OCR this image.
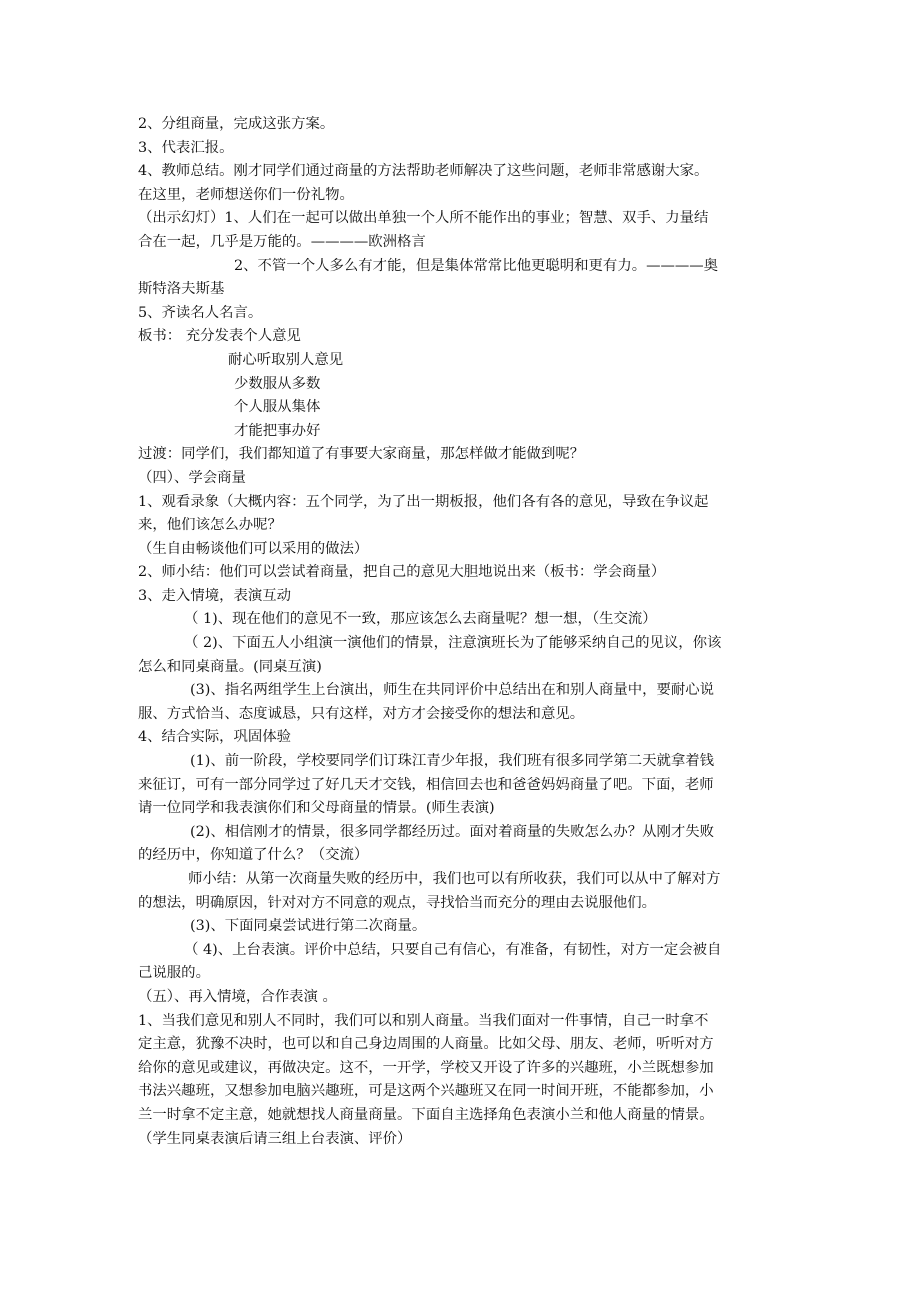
2、分组商量，完成这张方案。
3、代表汇报。
4、教师总结。刚才同学们通过商量的方法帮助老师解决了这些问题，老师非常感谢大家。
在这里，老师想送你们一份礼物。
（出示幻灯）1、人们在一起可以做出单独一个人所不能作出的事业；智慧、双手、力量结
合在一起，几乎是万能的。————欧洲格言
2、不管一个人多么有才能，但是集体常常比他更聪明和更有力。————奥
斯特洛夫斯基
5、齐读名人名言。
板书： 充分发表个人意见
耐心听取别人意见
少数服从多数
个人服从集体
才能把事办好
过渡：同学们，我们都知道了有事要大家商量，那怎样做才能做到呢？
（四）、学会商量
1、观看录象（大概内容：五个同学，为了出一期板报，他们各有各的意见，导致在争议起
来，他们该怎么办呢？
（生自由畅谈他们可以采用的做法）
2、师小结：他们可以尝试着商量，把自己的意见大胆地说出来（板书：学会商量）
3、走入情境，表演互动
（ 1)、现在他们的意见不一致，那应该怎么去商量呢？想一想，（生交流）
（ 2)、下面五人小组演一演他们的情景，注意演班长为了能够采纳自己的见议，你该
怎么和同桌商量。(同桌互演)
(3)、指名两组学生上台演出，师生在共同评价中总结出在和别人商量中，要耐心说
服、方式恰当、态度诚恳，只有这样，对方才会接受你的想法和意见。
4、结合实际，巩固体验
(1)、前一阶段，学校要同学们订珠江青少年报，我们班有很多同学第二天就拿着钱
来征订，可有一部分同学过了好几天才交钱，相信回去也和爸爸妈妈商量了吧。下面，老师
请一位同学和我表演你们和父母商量的情景。(师生表演)
(2)、相信刚才的情景，很多同学都经历过。面对着商量的失败怎么办？从刚才失败
的经历中，你知道了什么？（交流）
师小结：从第一次商量失败的经历中，我们也可以有所收获，我们可以从中了解对方
的想法，明确原因，针对对方不同意的观点，寻找恰当而充分的理由去说服他们。
(3)、下面同桌尝试进行第二次商量。
（ 4)、上台表演。评价中总结，只要自己有信心，有准备，有韧性，对方一定会被自
己说服的。
（五）、再入情境，合作表演 。
1、当我们意见和别人不同时，我们可以和别人商量。当我们面对一件事情，自己一时拿不
定主意，犹豫不决时，也可以和自己身边周围的人商量。比如父母、朋友、老师，听听对方
给你的意见或建议，再做决定。这不，一开学，学校又开设了许多的兴趣班，小兰既想参加
书法兴趣班，又想参加电脑兴趣班，可是这两个兴趣班又在同一时间开班，不能都参加，小
兰一时拿不定主意，她就想找人商量商量。下面自主选择角色表演小兰和他人商量的情景。
（学生同桌表演后请三组上台表演、评价）
